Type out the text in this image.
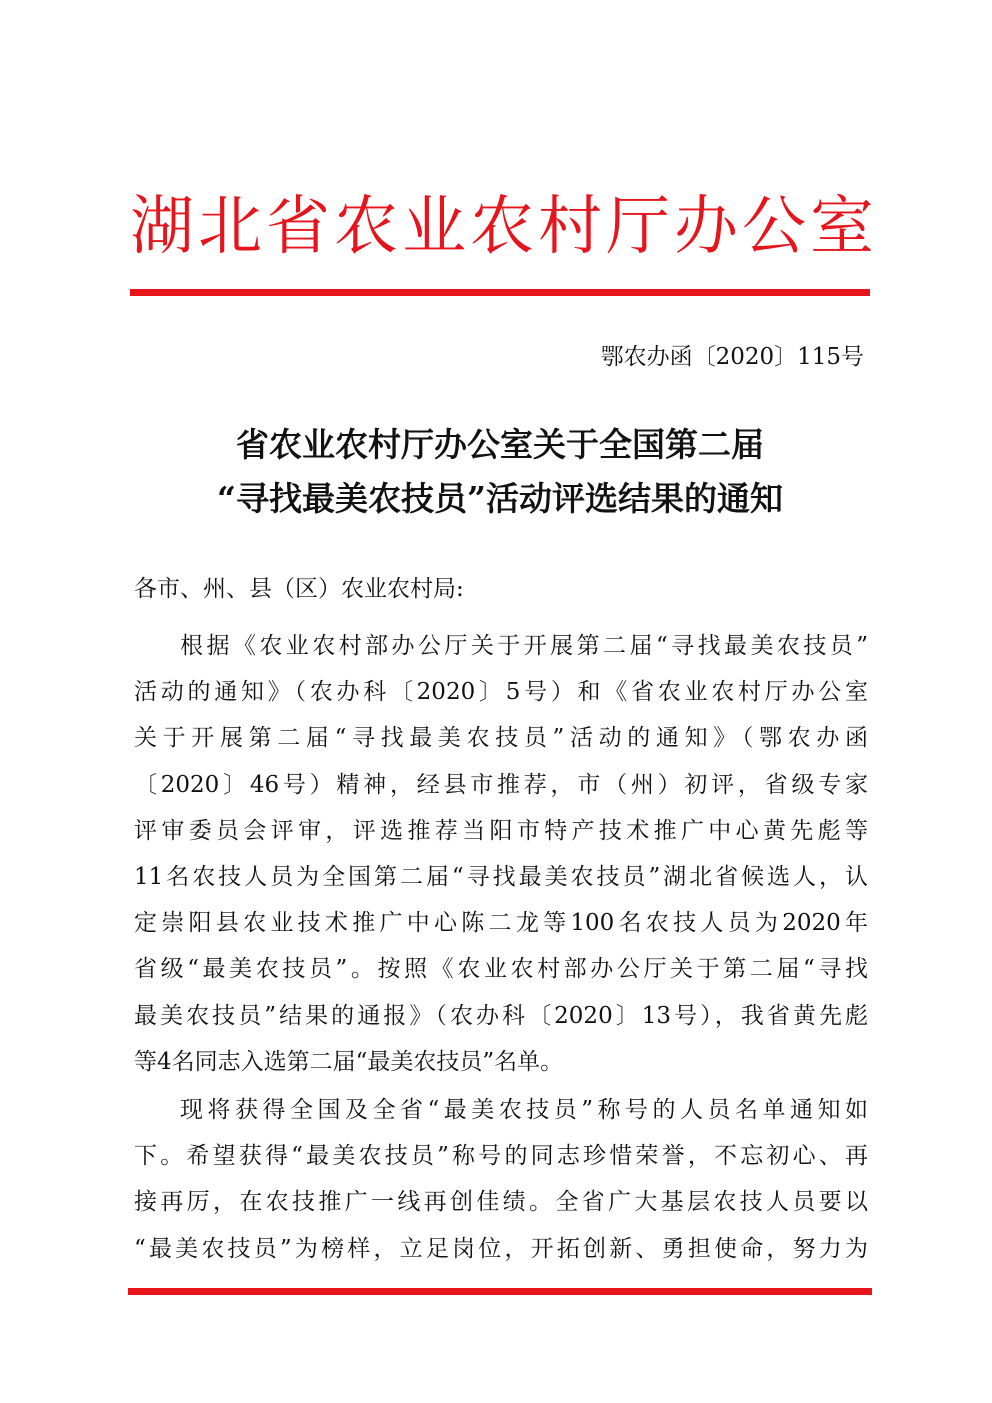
湖北省农业农村厅办公室
鄂农办函〔2020〕115号
省农业农村厅办公室关于全国第二届
“寻找最美农技员”活动评选结果的通知
各市、州、县（区）农业农村局:
根据《农业农村部办公厅关于开展第二届“寻找最美农技员”
活动的通知》（农办科〔2020〕5号）和《省农业农村厅办公室
关于开展第二届“寻找最美农技员”活动的通知》（鄂农办函
〔2020〕46号）精神，经县市推荐，市（州）初评，省级专家
评审委员会评审，评选推荐当阳市特产技术推广中心黄先彪等
11名农技人员为全国第二届“寻找最美农技员”湖北省候选人，认
定崇阳县农业技术推广中心陈二龙等100名农技人员为2020年
省级“最美农技员”。按照《农业农村部办公厅关于第二届“寻找
最美农技员”结果的通报》（农办科〔2020〕13号），我省黄先彪
等4名同志入选第二届“最美农技员”名单。
现将获得全国及全省“最美农技员”称号的人员名单通知如
下。希望获得“最美农技员”称号的同志珍惜荣誉，不忘初心、再
接再厉，在农技推广一线再创佳绩。全省广大基层农技人员要以
“最美农技员”为榜样，立足岗位，开拓创新、勇担使命，努力为
